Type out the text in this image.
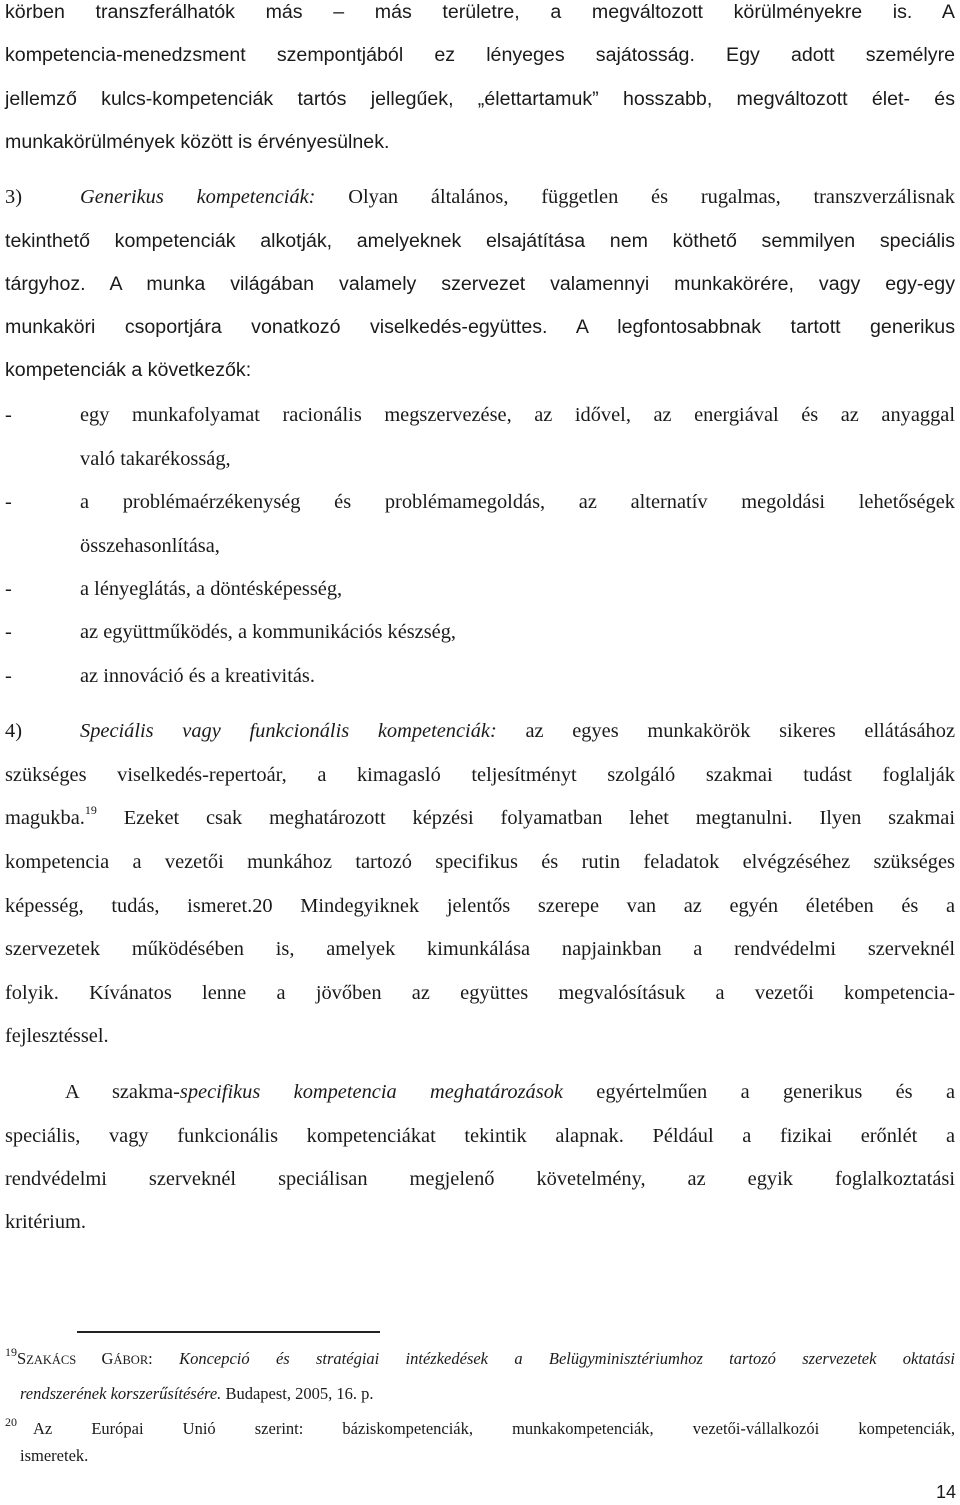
körben transzferálhatók más – más területre, a megváltozott körülményekre is. A
kompetencia-menedzsment szempontjából ez lényeges sajátosság. Egy adott személyre
jellemző kulcs-kompetenciák tartós jellegűek, „élettartamuk” hosszabb, megváltozott élet- és
munkakörülmények között is érvényesülnek.
3)	Generikus kompetenciák: Olyan általános, független és rugalmas, transzverzálisnak
tekinthető kompetenciák alkotják, amelyeknek elsajátítása nem köthető semmilyen speciális
tárgyhoz. A munka világában valamely szervezet valamennyi munkakörére, vagy egy-egy
munkaköri csoportjára vonatkozó viselkedés-együttes. A legfontosabbnak tartott generikus
kompetenciák a következők:
-	egy munkafolyamat racionális megszervezése, az idővel, az energiával és az anyaggal
való takarékosság,
-	a problémaérzékenység és problémamegoldás, az alternatív megoldási lehetőségek
összehasonlítása,
-	a lényeglátás, a döntésképesség,
-	az együttműködés, a kommunikációs készség,
-	az innováció és a kreativitás.
4)	Speciális vagy funkcionális kompetenciák: az egyes munkakörök sikeres ellátásához
szükséges viselkedés-repertoár, a kimagasló teljesítményt szolgáló szakmai tudást foglalják
magukba.$^{19}$ Ezeket csak meghatározott képzési folyamatban lehet megtanulni. Ilyen szakmai
kompetencia a vezetői munkához tartozó specifikus és rutin feladatok elvégzéséhez szükséges
képesség, tudás, ismeret.20 Mindegyiknek jelentős szerepe van az egyén életében és a
szervezetek működésében is, amelyek kimunkálása napjainkban a rendvédelmi szerveknél
folyik. Kívánatos lenne a jövőben az együttes megvalósításuk a vezetői kompetencia-
fejlesztéssel.
A szakma-specifikus kompetencia meghatározások egyértelműen a generikus és a
speciális, vagy funkcionális kompetenciákat tekintik alapnak. Például a fizikai erőnlét a
rendvédelmi szerveknél speciálisan megjelenő követelmény, az egyik foglalkoztatási
kritérium.
$^{19}$SZAKÁCS GÁBOR: Koncepció és stratégiai intézkedések a Belügyminisztériumhoz tartozó szervezetek oktatási
rendszerének korszerűsítésére. Budapest, 2005, 16. p.
$^{20}$ Az Európai Unió szerint: báziskompetenciák, munkakompetenciák, vezetői-vállalkozói kompetenciák,
ismeretek.
14
